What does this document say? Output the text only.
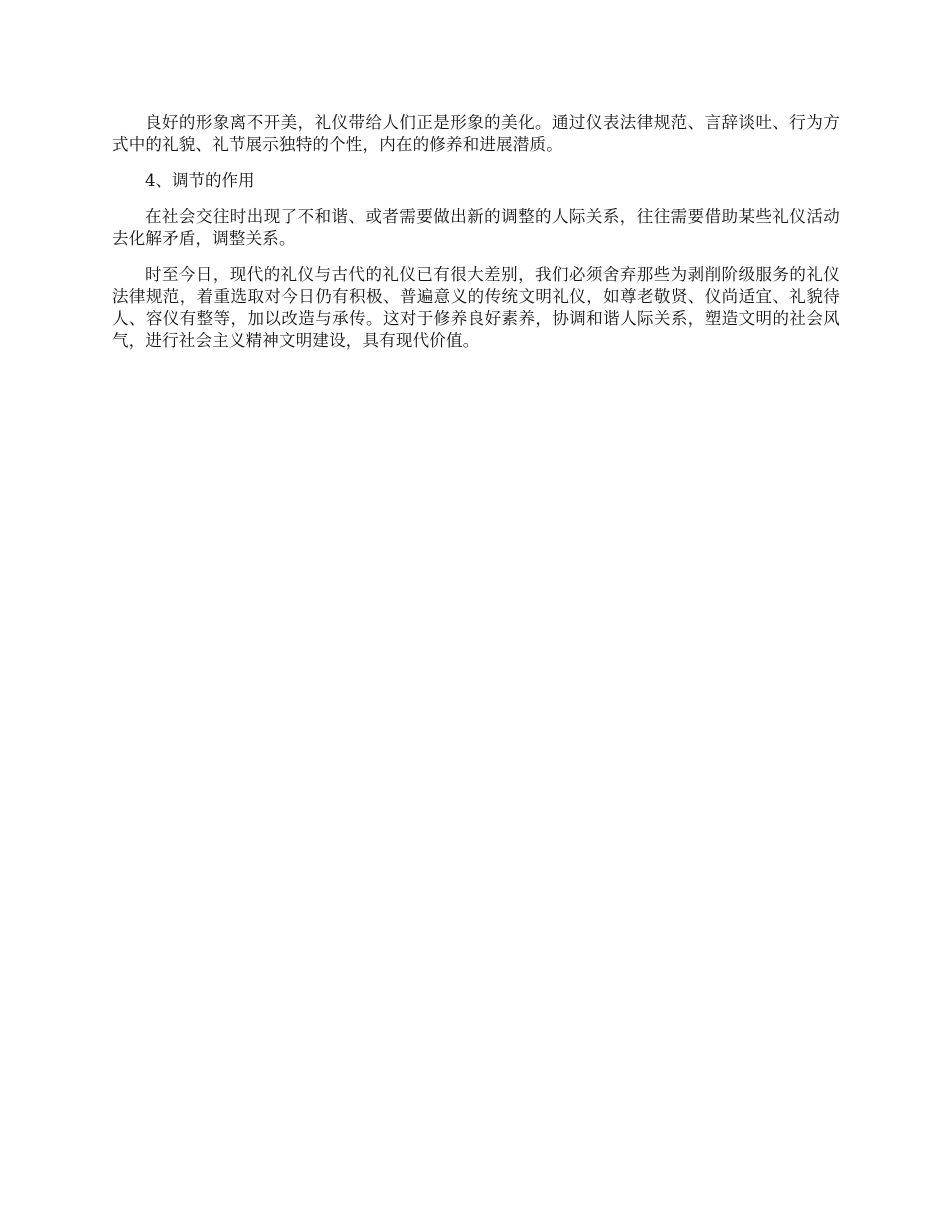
良好的形象离不开美，礼仪带给人们正是形象的美化。通过仪表法律规范、言辞谈吐、行为方式中的礼貌、礼节展示独特的个性，内在的修养和进展潜质。

4、调节的作用

在社会交往时出现了不和谐、或者需要做出新的调整的人际关系，往往需要借助某些礼仪活动去化解矛盾，调整关系。

时至今日，现代的礼仪与古代的礼仪已有很大差别，我们必须舍弃那些为剥削阶级服务的礼仪法律规范，着重选取对今日仍有积极、普遍意义的传统文明礼仪，如尊老敬贤、仪尚适宜、礼貌待人、容仪有整等，加以改造与承传。这对于修养良好素养，协调和谐人际关系，塑造文明的社会风气，进行社会主义精神文明建设，具有现代价值。
